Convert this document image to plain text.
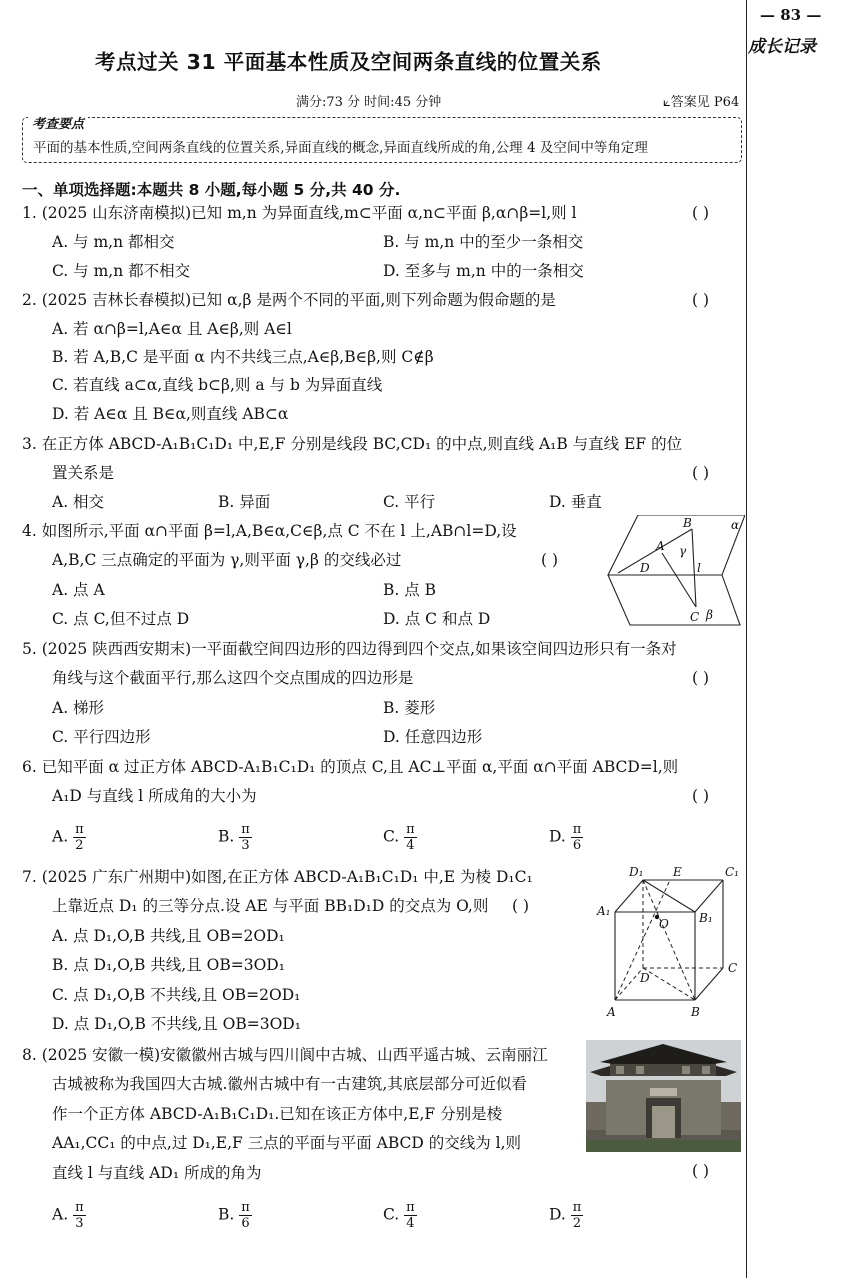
— 83 —
成长记录
考点过关 31 平面基本性质及空间两条直线的位置关系
满分:73 分 时间:45 分钟	⟀答案见 P64
考查要点
平面的基本性质,空间两条直线的位置关系,异面直线的概念,异面直线所成的角,公理 4 及空间中等角定理
一、单项选择题:本题共 8 小题,每小题 5 分,共 40 分.
1. (2025 山东济南模拟)已知 m,n 为异面直线,m⊂平面 α,n⊂平面 β,α∩β=l,则 l	( )
A. 与 m,n 都相交	B. 与 m,n 中的至少一条相交
C. 与 m,n 都不相交	D. 至多与 m,n 中的一条相交
2. (2025 吉林长春模拟)已知 α,β 是两个不同的平面,则下列命题为假命题的是	( )
A. 若 α∩β=l,A∈α 且 A∈β,则 A∈l
B. 若 A,B,C 是平面 α 内不共线三点,A∈β,B∈β,则 C∉β
C. 若直线 a⊂α,直线 b⊂β,则 a 与 b 为异面直线
D. 若 A∈α 且 B∈α,则直线 AB⊂α
3. 在正方体 ABCD-A₁B₁C₁D₁ 中,E,F 分别是线段 BC,CD₁ 的中点,则直线 A₁B 与直线 EF 的位
置关系是	( )
A. 相交	B. 异面	C. 平行	D. 垂直
4. 如图所示,平面 α∩平面 β=l,A,B∈α,C∈β,点 C 不在 l 上,AB∩l=D,设
A,B,C 三点确定的平面为 γ,则平面 γ,β 的交线必过	( )
A. 点 A	B. 点 B
C. 点 C,但不过点 D	D. 点 C 和点 D
α
β
γ
l
A
B
C
D
5. (2025 陕西西安期末)一平面截空间四边形的四边得到四个交点,如果该空间四边形只有一条对
角线与这个截面平行,那么这四个交点围成的四边形是	( )
A. 梯形	B. 菱形
C. 平行四边形	D. 任意四边形
6. 已知平面 α 过正方体 ABCD-A₁B₁C₁D₁ 的顶点 C,且 AC⊥平面 α,平面 α∩平面 ABCD=l,则
A₁D 与直线 l 所成角的大小为	( )
A. $\frac{\pi}{2}$	B. $\frac{\pi}{3}$	C. $\frac{\pi}{4}$	D. $\frac{\pi}{6}$
7. (2025 广东广州期中)如图,在正方体 ABCD-A₁B₁C₁D₁ 中,E 为棱 D₁C₁
上靠近点 D₁ 的三等分点.设 AE 与平面 BB₁D₁D 的交点为 O,则 ( )
A. 点 D₁,O,B 共线,且 OB=2OD₁
B. 点 D₁,O,B 共线,且 OB=3OD₁
C. 点 D₁,O,B 不共线,且 OB=2OD₁
D. 点 D₁,O,B 不共线,且 OB=3OD₁
D₁ E	C₁
A₁	B₁
O
D
C
A	B
8. (2025 安徽一模)安徽徽州古城与四川阆中古城、山西平遥古城、云南丽江
古城被称为我国四大古城.徽州古城中有一古建筑,其底层部分可近似看
作一个正方体 ABCD-A₁B₁C₁D₁.已知在该正方体中,E,F 分别是棱
AA₁,CC₁ 的中点,过 D₁,E,F 三点的平面与平面 ABCD 的交线为 l,则
直线 l 与直线 AD₁ 所成的角为	( )
A. $\frac{\pi}{3}$	B. $\frac{\pi}{6}$	C. $\frac{\pi}{4}$	D. $\frac{\pi}{2}$
